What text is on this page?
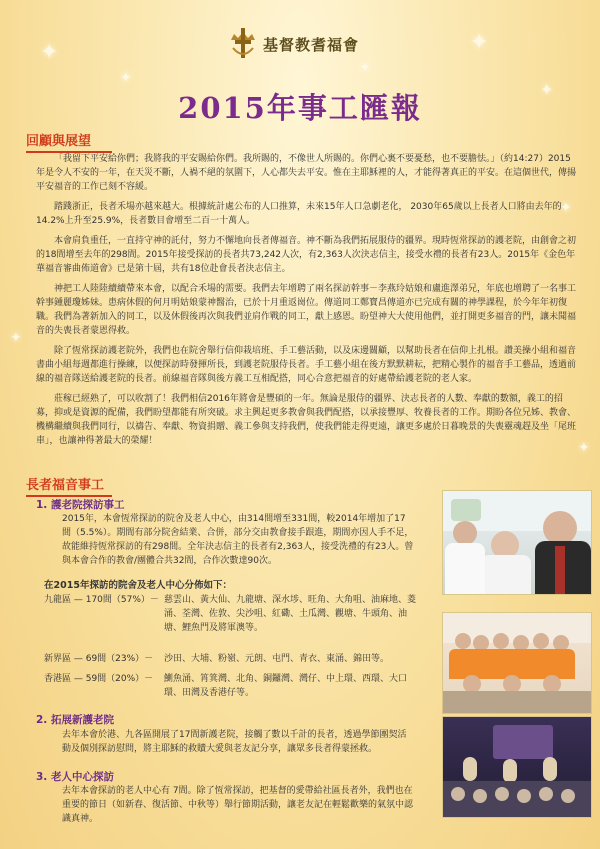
✦
✦
✦
✦
✦
✦
✦
✦
基督教耆福會
2015年事工匯報
回顧與展望

「我留下平安給你們；我將我的平安賜給你們。我所賜的，不像世人所賜的。你們心裏不要憂愁，也不要膽怯。」（約14:27）2015年是令人不安的一年，在天災不斷，人禍不絕的氛圍下，人心都失去平安。惟在主耶穌裡的人，才能得著真正的平安。在這個世代，傳揚平安福音的工作已刻不容緩。

踏踐浙正，長者禾場亦越來越大。根據統計處公布的人口推算，未來15年人口急劇老化， 2030年65歲以上長者人口將由去年的14.2%上升至25.9%，長者數目會增至二百一十萬人。

本會肩負重任，一直持守神的託付，努力不懈地向長者傳福音。神不斷為我們拓展服侍的疆界。現時恆常探訪的護老院，由創會之初的18間增至去年的298間。2015年接受探訪的長者共73,242人次，有2,363人次決志信主，接受水禮的長者有23人。2015年《金色年華福音審曲佈道會》已是第十屆，共有18位赴會長者決志信主。

神把工人陸陸續續帶來本會，以配合禾場的需要。我們去年增聘了兩名探訪幹事－李燕玲姑娘和盧進澤弟兄，年底也增聘了一名事工幹事鍾麗瓊姊妹。患病休假的何月明姑娘蒙神醫治，已於十月重返崗位。傳道同工鄭寶昌傳道亦已完成有關的神學課程，於今年年初復職。我們為著新加入的同工，以及休假後再次與我們並肩作戰的同工，獻上感恩。盼望神大大使用他們，並打開更多福音的門，讓未聞福音的失喪長者蒙恩得救。

除了恆常探訪護老院外，我們也在院舍舉行信仰栽培班、手工藝活動，以及床邊關顧，以幫助長者在信仰上扎根。讚美操小組和福音書曲小組每週都進行操練，以便探訪時發揮所長，到護老院服侍長者。手工藝小組在後方默默耕耘，把精心製作的福音手工藝品，透過前線的福音隊送給護老院的長者。前線福音隊與後方義工互相配搭，同心合意把福音的好處帶給護老院的老人家。

莊稼已經熟了，可以收割了！我們相信2016年將會是豐碩的一年。無論是服侍的疆界、決志長者的人數、奉獻的數額，義工的招募，抑或是資源的配備，我們盼望都能有所突破。求主興起更多教會與我們配搭，以承接豐厚、牧養長者的工作。期盼各位兄姊、教會、機構繼續與我們同行，以禱告、奉獻、物資捐贈、義工參與支持我們，使我們能走得更遠，讓更多處於日暮晚景的失喪靈魂趕及坐「尾班車」，也讓神得著最大的榮耀！

長者福音事工
1. 護老院探訪事工
2015年，本會恆常探訪的院舍及老人中心，由314間增至331間，較2014年增加了17間（5.5%）。期間有部分院舍結業、合併，部分交由教會接手跟進，期間亦因人手不足，故能維持恆常探訪的有298間。全年決志信主的長者有2,363人，接受洗禮的有23人。曾與本會合作的教會/團體合共32間，合作次數達90次。
在2015年探訪的院舍及老人中心分佈如下：
九龍區 — 170間（57%）－ 慈雲山、黃大仙、九龍塘、深水埗、旺角、大角咀、油麻地、菱涌、荃灣、佐敦、尖沙咀、紅磡、土瓜灣、觀塘、牛頭角、油塘、鯉魚門及將軍澳等。
新界區 — 69間（23%）－	沙田、大埔、粉嶺、元朗、屯門、青衣、東涌、錦田等。
香港區 — 59間（20%）－	鰂魚涌、筲箕灣、北角、銅鑼灣、灣仔、中上環、西環、大口環、田灣及香港仔等。
2. 拓展新護老院
去年本會於港、九各區開展了17間新護老院，接觸了數以千計的長者，透過學節團契活動及個別探訪慰問，將主耶穌的救贖大愛與老友記分享，讓眾多長者得蒙拯救。
3. 老人中心探訪
去年本會探訪的老人中心有 7間。除了恆常探訪，把基督的愛帶給社區長者外，我們也在重要的節日（如新春、復活節、中秋等）舉行節期活動，讓老友記在輕鬆歡樂的氣氛中認識真神。
